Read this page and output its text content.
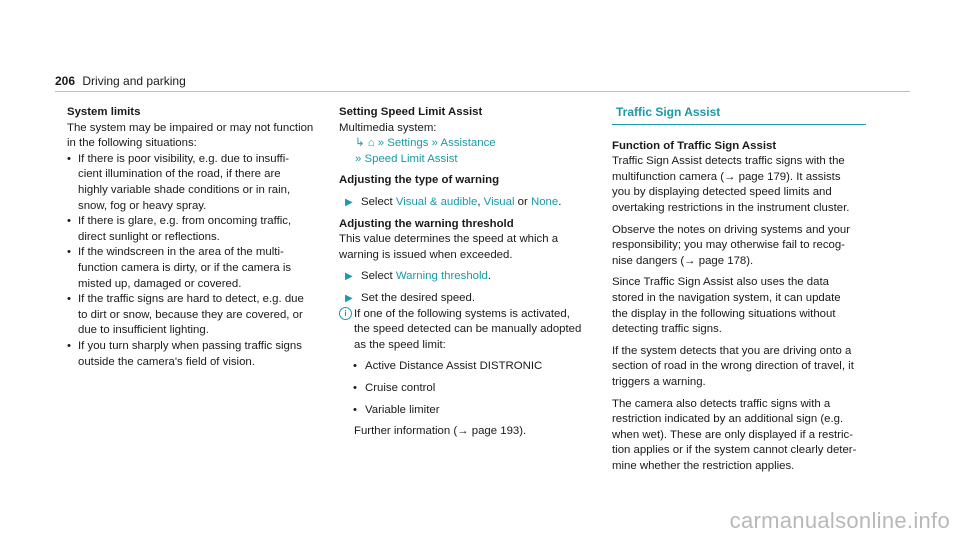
206 Driving and parking
System limits
The system may be impaired or may not function
in the following situations:
• If there is poor visibility, e.g. due to insuffi-
cient illumination of the road, if there are
highly variable shade conditions or in rain,
snow, fog or heavy spray.
• If there is glare, e.g. from oncoming traffic,
direct sunlight or reflections.
• If the windscreen in the area of the multi-
function camera is dirty, or if the camera is
misted up, damaged or covered.
• If the traffic signs are hard to detect, e.g. due
to dirt or snow, because they are covered, or
due to insufficient lighting.
• If you turn sharply when passing traffic signs
outside the camera's field of vision.
Setting Speed Limit Assist
Multimedia system:
↳ ⌂ » Settings » Assistance
» Speed Limit Assist
Adjusting the type of warning
▶ Select Visual & audible, Visual or None.
Adjusting the warning threshold
This value determines the speed at which a
warning is issued when exceeded.
▶ Select Warning threshold.
▶ Set the desired speed.
i If one of the following systems is activated,
the speed detected can be manually adopted
as the speed limit:
• Active Distance Assist DISTRONIC
• Cruise control
• Variable limiter
Further information (→ page 193).
Traffic Sign Assist
Function of Traffic Sign Assist
Traffic Sign Assist detects traffic signs with the
multifunction camera (→ page 179). It assists
you by displaying detected speed limits and
overtaking restrictions in the instrument cluster.
Observe the notes on driving systems and your
responsibility; you may otherwise fail to recog-
nise dangers (→ page 178).
Since Traffic Sign Assist also uses the data
stored in the navigation system, it can update
the display in the following situations without
detecting traffic signs.
If the system detects that you are driving onto a
section of road in the wrong direction of travel, it
triggers a warning.
The camera also detects traffic signs with a
restriction indicated by an additional sign (e.g.
when wet). These are only displayed if a restric-
tion applies or if the system cannot clearly deter-
mine whether the restriction applies.
carmanualsonline.info
